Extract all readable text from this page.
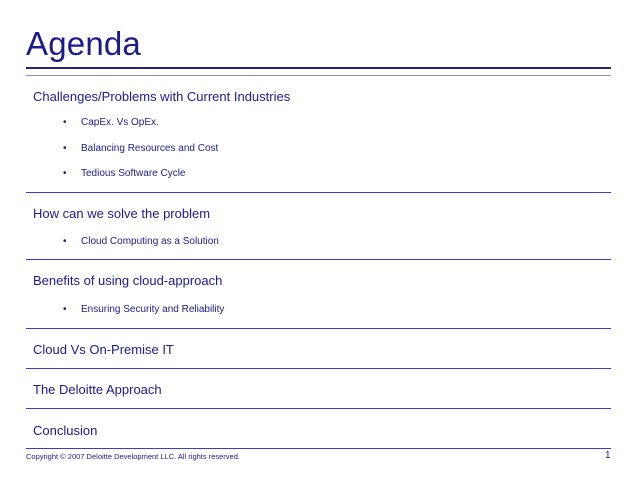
Agenda
Challenges/Problems with Current Industries
• CapEx. Vs OpEx.
• Balancing Resources and Cost
• Tedious Software Cycle
How can we solve the problem
• Cloud Computing as a Solution
Benefits of using cloud-approach
• Ensuring Security and Reliability
Cloud Vs On-Premise IT
The Deloitte Approach
Conclusion
Copyright © 2007 Deloitte Development LLC. All rights reserved.	1
